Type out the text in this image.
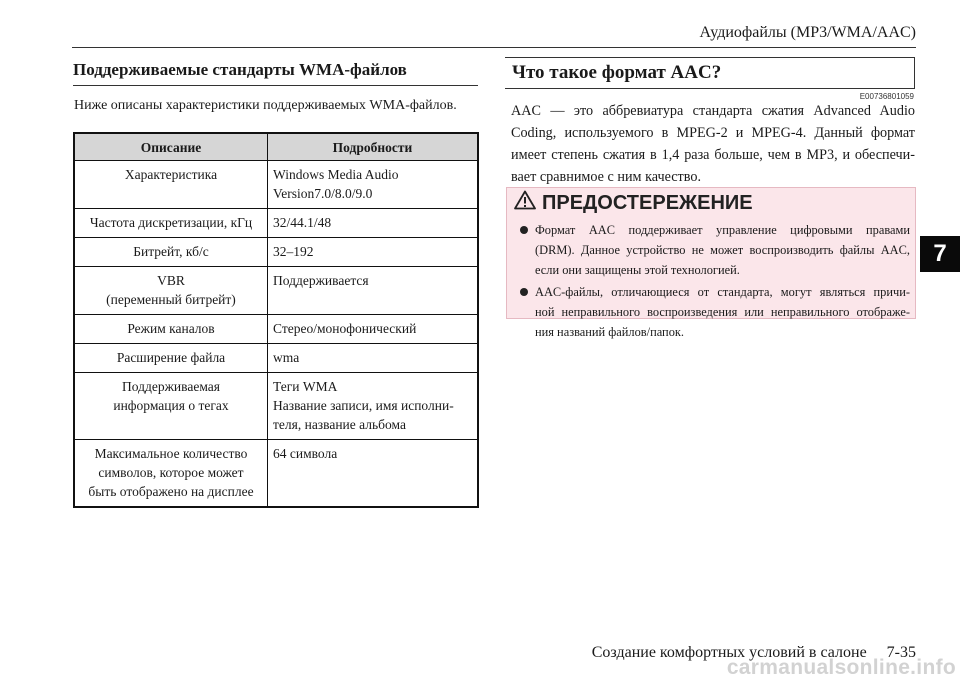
Аудиофайлы (MP3/WMA/AAC)
Поддерживаемые стандарты WMA-файлов
Ниже описаны характеристики поддерживаемых WMA-файлов.
Описание	Подробности

Характеристика	Windows Media Audio
Version7.0/8.0/9.0

Частота дискретизации, кГц	32/44.1/48

Битрейт, кб/с	32–192

VBR
(переменный битрейт)	Поддерживается

Режим каналов	Стерео/монофонический

Расширение файла	wma

Поддерживаемая
информация о тегах	Теги WMA
Название записи, имя исполни-
теля, название альбома

Максимальное количество
символов, которое может
быть отображено на дисплее	64 символа
Что такое формат AAC?
E00736801059
AAC — это аббревиатура стандарта сжатия Advanced Audio
Coding, используемого в MPEG-2 и MPEG-4. Данный формат
имеет степень сжатия в 1,4 раза больше, чем в MP3, и обеспечи-
вает сравнимое с ним качество.
ПРЕДОСТЕРЕЖЕНИЕ
Формат AAC поддерживает управление цифровыми правами
(DRM). Данное устройство не может воспроизводить файлы AAC,
если они защищены этой технологией.
AAC-файлы, отличающиеся от стандарта, могут являться причи-
ной неправильного воспроизведения или неправильного отображе-
ния названий файлов/папок.
7
Создание комфортных условий в салоне 7-35
carmanualsonline.info
